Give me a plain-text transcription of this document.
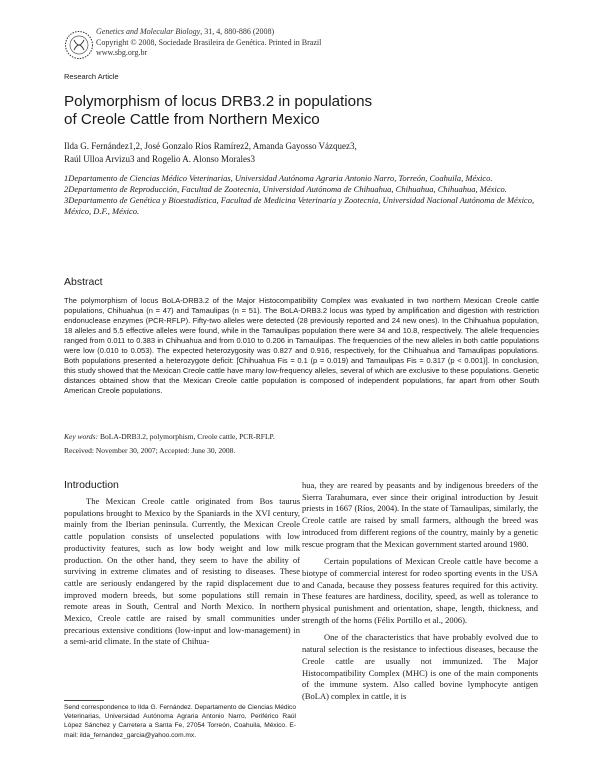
Genetics and Molecular Biology, 31, 4, 880-886 (2008)
Copyright © 2008, Sociedade Brasileira de Genética. Printed in Brazil
www.sbg.org.br
Research Article
Polymorphism of locus DRB3.2 in populations
of Creole Cattle from Northern Mexico

Ilda G. Fernández1,2, José Gonzalo Ríos Ramírez2, Amanda Gayosso Vázquez3,
Raúl Ulloa Arvizu3 and Rogelio A. Alonso Morales3

1Departamento de Ciencias Médico Veterinarias, Universidad Autónoma Agraria Antonio Narro, Torreón, Coahuila, México.

2Departamento de Reproducción, Facultad de Zootecnia, Universidad Autónoma de Chihuahua, Chihuahua, Chihuahua, México.

3Departamento de Genética y Bioestadística, Facultad de Medicina Veterinaria y Zootecnia, Universidad Nacional Autónoma de México, México, D.F., México.

Abstract

The polymorphism of locus BoLA-DRB3.2 of the Major Histocompatibility Complex was evaluated in two northern Mexican Creole cattle populations, Chihuahua (n = 47) and Tamaulipas (n = 51). The BoLA-DRB3.2 locus was typed by amplification and digestion with restriction endonuclease enzymes (PCR-RFLP). Fifty-two alleles were detected (28 previously reported and 24 new ones). In the Chihuahua population, 18 alleles and 5.5 effective alleles were found, while in the Tamaulipas population there were 34 and 10.8, respectively. The allele frequencies ranged from 0.011 to 0.383 in Chihuahua and from 0.010 to 0.206 in Tamaulipas. The frequencies of the new alleles in both cattle populations were low (0.010 to 0.053). The expected heterozygosity was 0.827 and 0.916, respectively, for the Chihuahua and Tamaulipas populations. Both populations presented a heterozygote deficit: [Chihuahua Fis = 0.1 (p = 0.019) and Tamaulipas Fis = 0.317 (p < 0.001)]. In conclusion, this study showed that the Mexican Creole cattle have many low-frequency alleles, several of which are exclusive to these populations. Genetic distances obtained show that the Mexican Creole cattle population is composed of independent populations, far apart from other South American Creole populations.

Key words: BoLA-DRB3.2, polymorphism, Creole cattle, PCR-RFLP.

Received: November 30, 2007; Accepted: June 30, 2008.

Introduction

The Mexican Creole cattle originated from Bos taurus populations brought to Mexico by the Spaniards in the XVI century, mainly from the Iberian peninsula. Currently, the Mexican Creole cattle population consists of unselected populations with low productivity features, such as low body weight and low milk production. On the other hand, they seem to have the ability of surviving in extreme climates and of resisting to diseases. These cattle are seriously endangered by the rapid displacement due to improved modern breeds, but some populations still remain in remote areas in South, Central and North Mexico. In northern Mexico, Creole cattle are raised by small communities under precarious extensive conditions (low-input and low-management) in a semi-arid climate. In the state of Chihua-

hua, they are reared by peasants and by indigenous breeders of the Sierra Tarahumara, ever since their original introduction by Jesuit priests in 1667 (Ríos, 2004). In the state of Tamaulipas, similarly, the Creole cattle are raised by small farmers, although the breed was introduced from different regions of the country, mainly by a genetic rescue program that the Mexican government started around 1980.

Certain populations of Mexican Creole cattle have become a biotype of commercial interest for rodeo sporting events in the USA and Canada, because they possess features required for this activity. These features are hardiness, docility, speed, as well as tolerance to physical punishment and orientation, shape, length, thickness, and strength of the horns (Félix Portillo et al., 2006).

One of the characteristics that have probably evolved due to natural selection is the resistance to infectious diseases, because the Creole cattle are usually not immunized. The Major Histocompatibility Complex (MHC) is one of the main components of the immune system. Also called bovine lymphocyte antigen (BoLA) complex in cattle, it is

Send correspondence to Ilda G. Fernández. Departamento de Ciencias Médico Veterinarias, Universidad Autónoma Agraria Antonio Narro, Periférico Raúl López Sánchez y Carretera a Santa Fe, 27054 Torreón, Coahuila, México. E-mail: ilda_fernandez_garcia@yahoo.com.mx.
